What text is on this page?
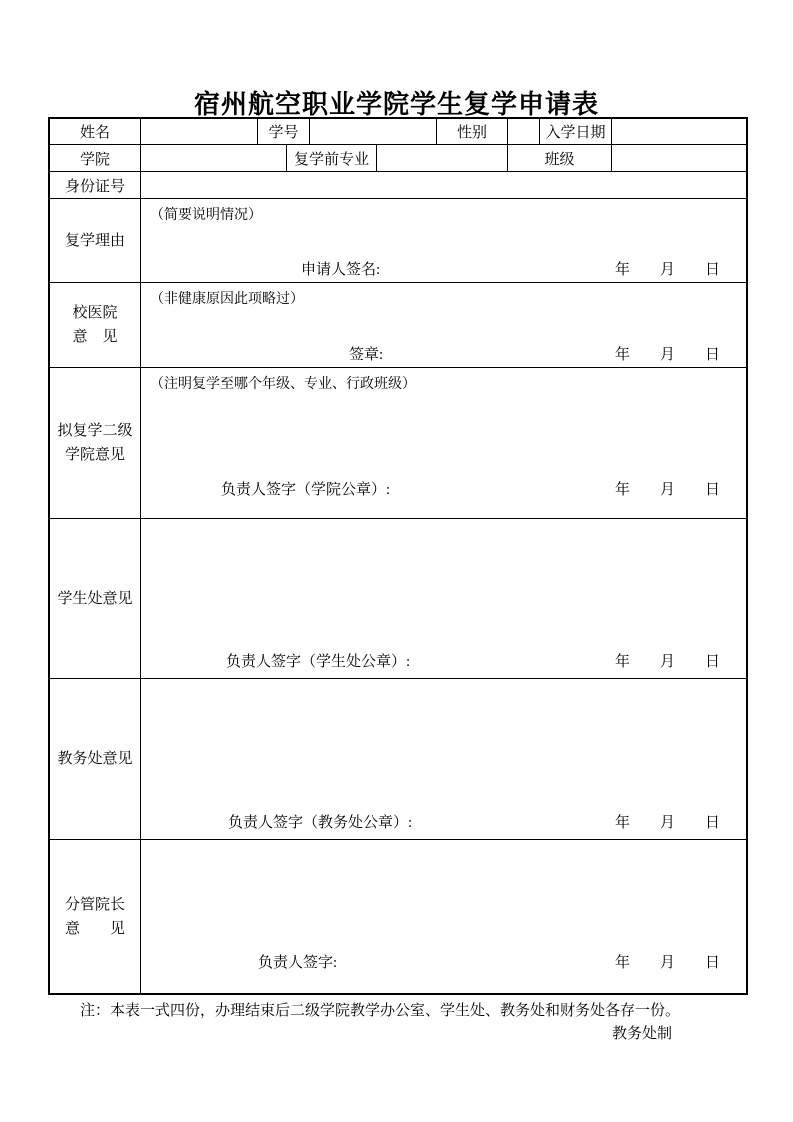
宿州航空职业学院学生复学申请表
姓名	学号	性别	入学日期
学院	复学前专业	班级
身份证号
复学理由
（简要说明情况）
申请人签名:	年 月 日
校医院
意　见
（非健康原因此项略过）
签章:	年 月 日
拟复学二级
学院意见
（注明复学至哪个年级、专业、行政班级）
负责人签字（学院公章）:	年 月 日
学生处意见
负责人签字（学生处公章）:	年 月 日
教务处意见
负责人签字（教务处公章）:	年 月 日
分管院长
意　　见
负责人签字:	年 月 日
注：本表一式四份，办理结束后二级学院教学办公室、学生处、教务处和财务处各存一份。
教务处制
